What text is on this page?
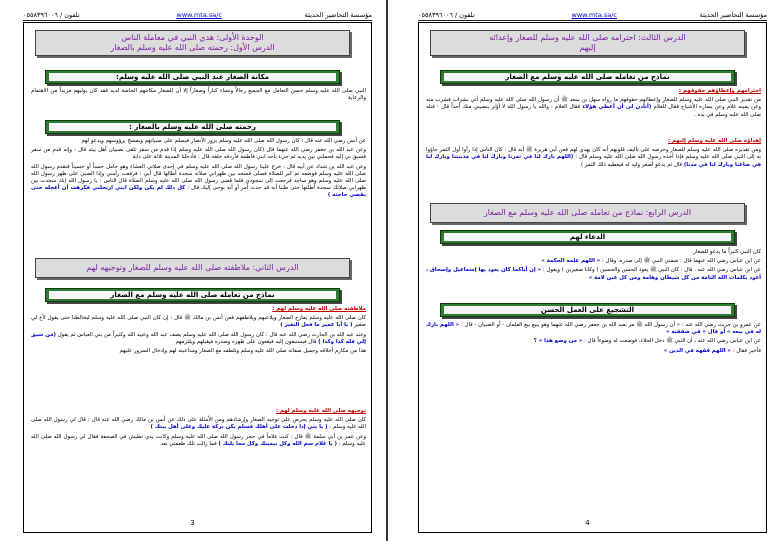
مؤسسة التحاضير الحديثة
www.mta.sa/c
تلفون / ٠٥٥٨٣٩٦٠٠٦
الدرس الثالث: احترامه صلى الله عليه وسلم للصغار وإعدائه
إليهم
نماذج من تعامله صلى الله عليه وسلم مع الصغار

احترامهم وإعطاؤهم حقوقهم :

من تقدير النبي صلى الله عليه وسلم للصغار وإعطائهم حقوقهم ما رواه سهل بن سعد ﷺ أن رسول الله صلى الله عليه وسلم أتي بشراب فشرب منه وعن يمينه غلام وعن يساره الأشياخ فقال للغلام (أتأذن لي أن أعطي هؤلاء فقال الغلام : والله يا رسول الله لا أؤثر بنصيبي منك أحداً قال : فتله صلى الله عليه وسلم في يده .

إهداؤه صلى الله عليه وسلم إليهم :

ومن تقديره صلى الله عليه وسلم للصغار وحرصه على تأليف قلوبهم أنه كان يهدي لهم فعن أبي هريرة ﷺ أنه قال : كان الناس إذا رأوا أول الثمر جاؤوا به إلى النبي صلى الله عليه وسلم فإذا أخذه رسول الله صلى الله عليه وسلم قال : (اللهم بارك لنا في ثمرنا وبارك لنا في مدينتنا وبارك لنا في صاعنا وبارك لنا في مدنا) قال ثم يدعو أصغر وليد له فيعطيه ذلك الثمر )

الدرس الرابع: نماذج من تعامله صلى الله عليه وسلم مع الصغار
الدعاء لهم

كان النبي كثيراً ما يدعو للصغار

عن ابن عباس رضي الله عنهما قال : ضمني النبي ﷺ إلى صدره، وقال : « اللهم علمه الحكمة »

عن ابن عباس رضي الله عنه ، قال : كان النبي ﷺ يعوذ الحسن والحسين ( وكانا صغيرين ) ويقول : « إن أباكما كان يعوذ بها إسماعيل وإسحاق ، أعوذ بكلمات الله التامة من كل شيطان وهامة ومن كل عين لامة »

التشجيع على العمل الحسن

عن عمرو بن حريث رضي الله عنه : « أن رسول الله ﷺ مر بعبد الله بن جعفر رضي الله عنهما وهو يبيع بيع الغلمان - أو الصبيان - قال : « اللهم بارك له في بيعه » أو قال « في صفقته »

عن ابن عباس رضي الله عنه ، أن النبي ﷺ دخل الخلاء، فوضعت له وضوءاً قال : « من وضع هذا » ؟

فأخبر فقال : « اللهم فقهه في الدين »

4
مؤسسة التحاضير الحديثة
www.mta.sa/c
تلفون / ٠٥٥٨٣٩٦٠٠٦
الوحدة الأولى: هدي النبي في معاملة الناس
الدرس الأول: رحمته صلى الله عليه وسلم بالصغار
مكانة الصغار عند النبي صلى الله عليه وسلم:

النبي صلى الله عليه وسلم حسن التعامل مع الجميع رجالاً ونساء كباراً وصغاراً إلا أن للصغار مكانتهم الخاصة لديه فقد كان يوليهم مزيداً من الاهتمام والرعاية

رحمته صلى الله عليه وسلم بالصغار :

عن أنس رضي الله عنه قال : كان رسول الله صلى الله عليه وسلم يزور الأنصار فيسلم على صبيانهم ويمسح برؤوسهم ويدعو لهم

وعن عبد الله بن جعفر رضي الله عنهما قال (كان رسول الله صلى الله عليه وسلم إذا قدم من سفر تلقى بصبيان أهل بيته قال : وإنه قدم من سفر فسبق بي إليه فحملني بين يديه ثم جيء بأحد ابني فاطمة فأردفه خلفه قال : فأدخلنا المدينة ثلاثة على دابة

وعن عبد الله بن شداد عن أبيه قال : خرج علينا رسول الله صلى الله عليه وسلم في إحدى صلاتي العشاء وهو حامل حسناً أو حسيناً فتقدم رسول الله صلى الله عليه وسلم فوضعه ثم كبر للصلاة فصلى فسجد بين ظهراني صلاته سجدة أطالها قال أبي : فرفعت رأسي وإذا الصبي على ظهر رسول الله صلى الله عليه وسلم وهو ساجد فرجعت إلى سجودي فلما قضى رسول الله صلى الله عليه وسلم الصلاة قال الناس : يا رسول الله إنك سجدت بين ظهراني صلاتك سجدة أطلتها حتى ظننا أنه قد حدث أمر أو أنه يوحى إليك قال : كل ذلك لم يكن ولكن ابني ارتحلني فكرهت أن أعجله حتى يقضي حاجته )

الدرس الثاني: ملاطفته صلى الله عليه وسلم للصغار وتوجيهه لهم
نماذج من تعامله صلى الله عليه وسلم مع الصغار

ملاطفته صلى الله عليه وسلم لهم :

كان صلى الله عليه وسلم يمازح الصغار ويلاعبهم ويلاطفهم فعن أنس بن مالك ﷺ قال : إن كان النبي صلى الله عليه وسلم ليخالطنا حتى يقول لأخ لي صغير ( يا أبا عمير ما فعل النغير )

وعند عبد الله بن الحارث رضي الله عنه قال : كان رسول الله صلى الله عليه وسلم يصف عبد الله وعبيد الله وكثيراً من بني العباس ثم يقول (من سبق إلي فله كذا وكذا ) قال فيستبقون إليه فيقعون على ظهره وصدره فيقبلهم ويلتزمهم

هذا من مكارم أخلاقه وجميل صفاته صلى الله عليه وسلم وتلطفه مع الصغار ومداعبته لهم وإدخال السرور عليهم

توجيهه صلى الله عليه وسلم لهم :

كان صلى الله عليه وسلم يحرص على توجيه الصغار وإرشادهم ومن الأمثلة على ذلك عن أنس بن مالك رضي الله عنه قال : قال لي رسول الله صلى الله عليه وسلم : ( يا بني إذا دخلت على أهلك فسلم يكن بركة عليك وعلى أهل بيتك )

وعن عمر بن أبي سلمة ﷺ قال : كنت غلاماً في حجر رسول الله صلى الله عليه وسلم وكانت يدي تطيش في الصحفة فقال لي رسول الله صلى الله عليه وسلم : ( يا غلام سم الله وكل بيمينك وكل مما يليك ) فما زالت تلك طعمتي بعد

3
